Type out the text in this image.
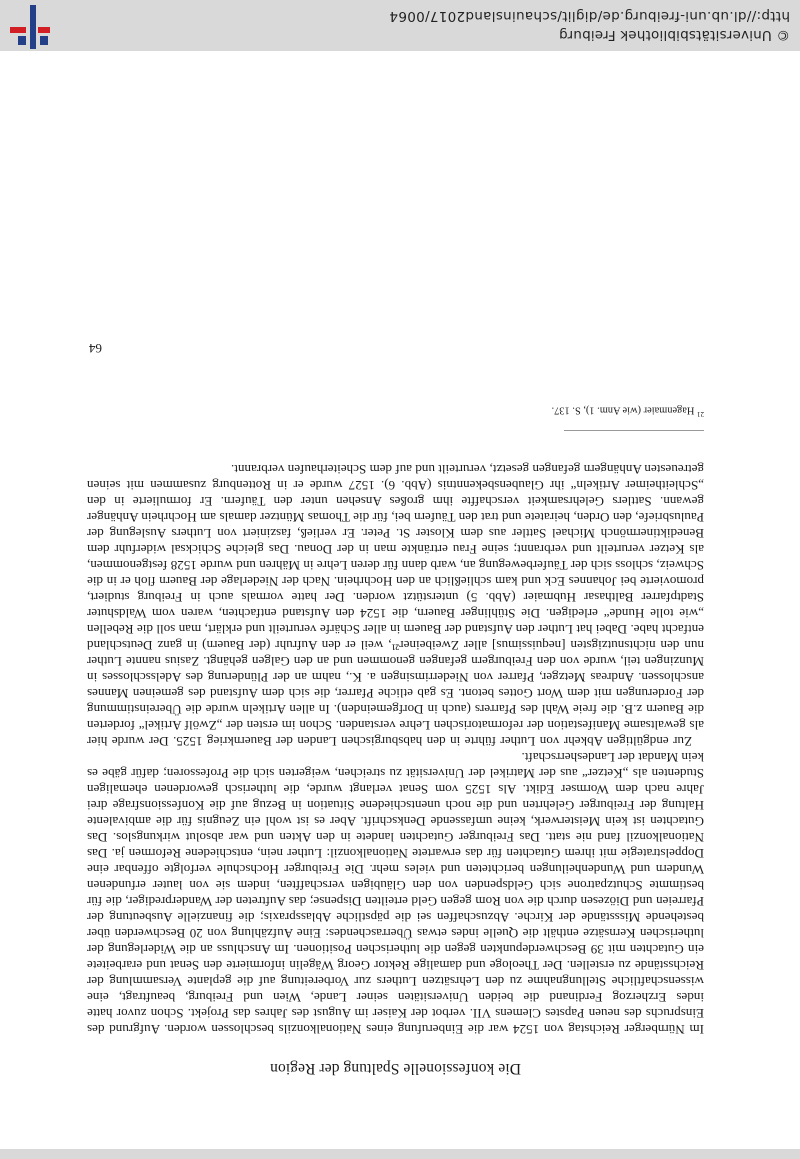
Die konfessionelle Spaltung der Region

Im Nürnberger Reichstag von 1524 war die Einberufung eines Nationalkonzils beschlossen worden. Aufgrund des Einspruchs des neuen Papstes Clemens VII. verbot der Kaiser im August des Jahres das Projekt. Schon zuvor hatte indes Erzherzog Ferdinand die beiden Universitäten seiner Lande, Wien und Freiburg, beauftragt, eine wissenschaftliche Stellungnahme zu den Lehrsätzen Luthers zur Vorbereitung auf die geplante Versammlung der Reichsstände zu erstellen. Der Theologe und damalige Rektor Georg Wägelin informierte den Senat und erarbeitete ein Gutachten mit 39 Beschwerdepunkten gegen die lutherischen Positionen. Im Anschluss an die Widerlegung der lutherischen Kernsätze enthält die Quelle indes etwas Überraschendes: Eine Aufzählung von 20 Beschwerden über bestehende Missstände der Kirche. Abzuschaffen sei die päpstliche Ablasspraxis; die finanzielle Ausbeutung der Pfarreien und Diözesen durch die von Rom gegen Geld erteilten Dispense; das Auftreten der Wanderprediger, die für bestimmte Schutzpatrone sich Geldspenden von den Gläubigen verschafften, indem sie von lauter erfundenen Wundern und Wundenheilungen berichteten und vieles mehr. Die Freiburger Hochschule verfolgte offenbar eine Doppelstrategie mit ihrem Gutachten für das erwartete Nationalkonzil: Luther nein, entschiedene Reformen ja. Das Nationalkonzil fand nie statt. Das Freiburger Gutachten landete in den Akten und war absolut wirkungslos. Das Gutachten ist kein Meisterwerk, keine umfassende Denkschrift. Aber es ist wohl ein Zeugnis für die ambivalente Haltung der Freiburger Gelehrten und die noch unentschiedene Situation in Bezug auf die Konfessionsfrage drei Jahre nach dem Wormser Edikt. Als 1525 vom Senat verlangt wurde, die lutherisch gewordenen ehemaligen Studenten als „Ketzer“ aus der Matrikel der Universität zu streichen, weigerten sich die Professoren; dafür gäbe es kein Mandat der Landesherrschaft.

Zur endgültigen Abkehr von Luther führte in den habsburgischen Landen der Bauernkrieg 1525. Der wurde hier als gewaltsame Manifestation der reformatorischen Lehre verstanden. Schon im ersten der „Zwölf Artikel“ forderten die Bauern z.B. die freie Wahl des Pfarrers (auch in Dorfgemeinden). In allen Artikeln wurde die Übereinstimmung der Forderungen mit dem Wort Gottes betont. Es gab etliche Pfarrer, die sich dem Aufstand des gemeinen Mannes anschlossen. Andreas Metzger, Pfarrer von Niederrimsingen a. K., nahm an der Plünderung des Adelsschlosses in Munzingen teil, wurde von den Freiburgern gefangen genommen und an den Galgen gehängt. Zasius nannte Luther nun den nichtsnutzigsten [nequissimus] aller Zweibeiner²¹, weil er den Aufruhr (der Bauern) in ganz Deutschland entfacht habe. Dabei hat Luther den Aufstand der Bauern in aller Schärfe verurteilt und erklärt, man soll die Rebellen „wie tolle Hunde“ erledigen. Die Stühlinger Bauern, die 1524 den Aufstand entfachten, waren vom Waldshuter Stadtpfarrer Balthasar Hubmaier (Abb. 5) unterstützt worden. Der hatte vormals auch in Freiburg studiert, promovierte bei Johannes Eck und kam schließlich an den Hochrhein. Nach der Niederlage der Bauern floh er in die Schweiz, schloss sich der Täuferbewegung an, warb dann für deren Lehre in Mähren und wurde 1528 festgenommen, als Ketzer verurteilt und verbrannt; seine Frau ertränkte man in der Donau. Das gleiche Schicksal widerfuhr dem Benediktinermönch Michael Sattler aus dem Kloster St. Peter. Er verließ, fasziniert von Luthers Auslegung der Paulusbriefe, den Orden, heiratete und trat den Täufern bei, für die Thomas Müntzer damals am Hochrhein Anhänger gewann. Sattlers Gelehrsamkeit verschaffte ihm großes Ansehen unter den Täufern. Er formulierte in den „Schleitheimer Artikeln“ ihr Glaubensbekenntnis (Abb. 6). 1527 wurde er in Rottenburg zusammen mit seinen getreuesten Anhängern gefangen gesetzt, verurteilt und auf dem Scheiterhaufen verbrannt.

$^{21}$ Hagenmaier (wie Anm. 1), S. 137.
64
© Universitätsbibliothek Freiburg
http://dl.ub.uni-freiburg.de/diglit/schauinsland2017/0064
